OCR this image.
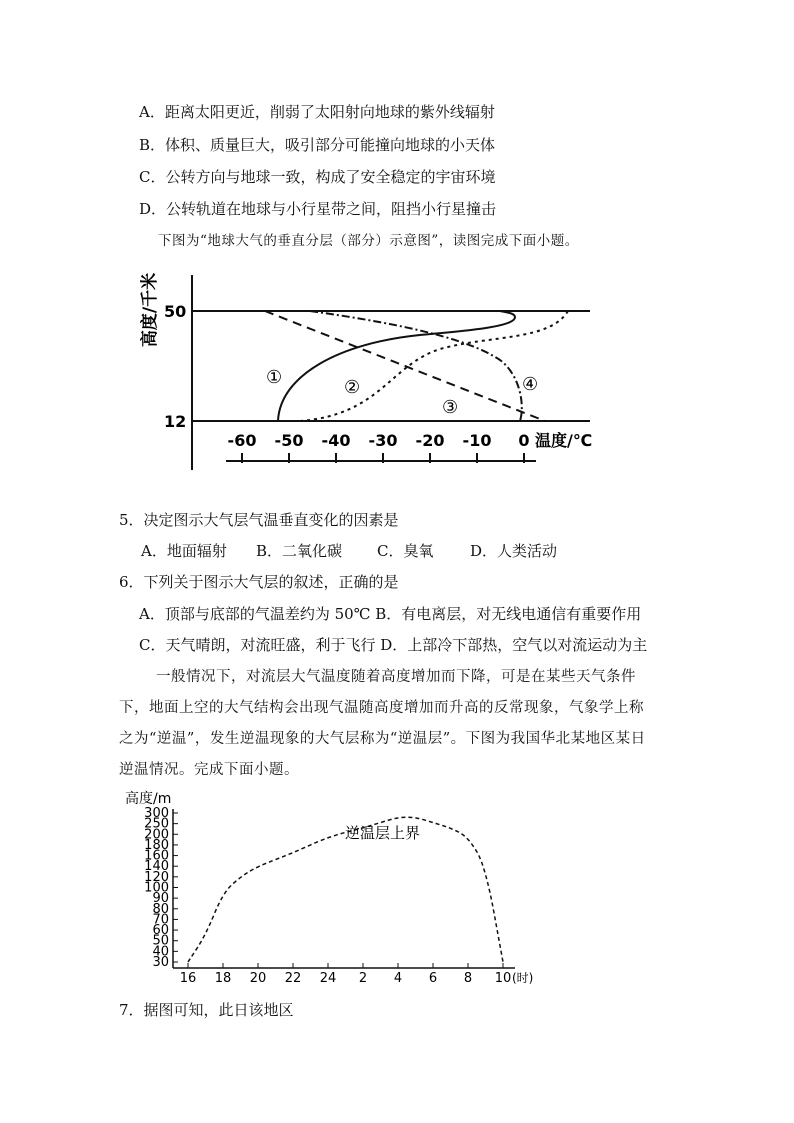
A．距离太阳更近，削弱了太阳射向地球的紫外线辐射
B．体积、质量巨大，吸引部分可能撞向地球的小天体
C．公转方向与地球一致，构成了安全稳定的宇宙环境
D．公转轨道在地球与小行星带之间，阻挡小行星撞击
下图为“地球大气的垂直分层（部分）示意图”，读图完成下面小题。
高度/千米 50
12
①	②
③
④
-60 -50 -40 -30 -20 -10 0 温度/℃
5．决定图示大气层气温垂直变化的因素是
A．地面辐射 B．二氧化碳 C．臭氧 D．人类活动
6．下列关于图示大气层的叙述，正确的是
A．顶部与底部的气温差约为 50℃ B．有电离层，对无线电通信有重要作用
C．天气晴朗，对流旺盛，利于飞行 D．上部冷下部热，空气以对流运动为主
一般情况下，对流层大气温度随着高度增加而下降，可是在某些天气条件
下，地面上空的大气结构会出现气温随高度增加而升高的反常现象，气象学上称
之为“逆温”，发生逆温现象的大气层称为“逆温层”。下图为我国华北某地区某日
逆温情况。完成下面小题。
高度/m
300
250
200
180
160
140
120
100
90
80
70
60
50
40
30
16 18 20 22 24 2 4 6 8 10 (时)
逆温层上界
7．据图可知，此日该地区
